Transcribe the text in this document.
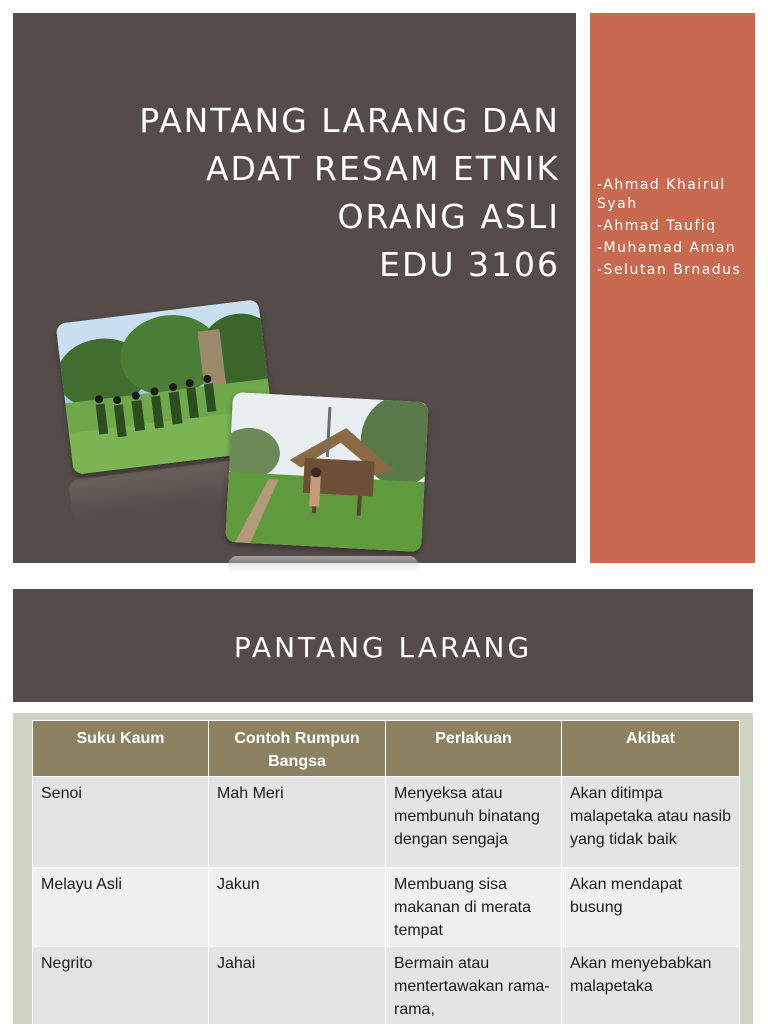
PANTANG LARANG DAN
ADAT RESAM ETNIK
ORANG ASLI
EDU 3106
-Ahmad Khairul Syah
-Ahmad Taufiq
-Muhamad Aman
-Selutan Brnadus
PANTANG LARANG
Suku Kaum	Contoh Rumpun Bangsa	Perlakuan	Akibat
Senoi	Mah Meri	Menyeksa atau membunuh binatang dengan sengaja	Akan ditimpa malapetaka atau nasib yang tidak baik
Melayu Asli	Jakun	Membuang sisa makanan di merata tempat	Akan mendapat busung
Negrito	Jahai	Bermain atau mentertawakan rama-rama,	Akan menyebabkan malapetaka
